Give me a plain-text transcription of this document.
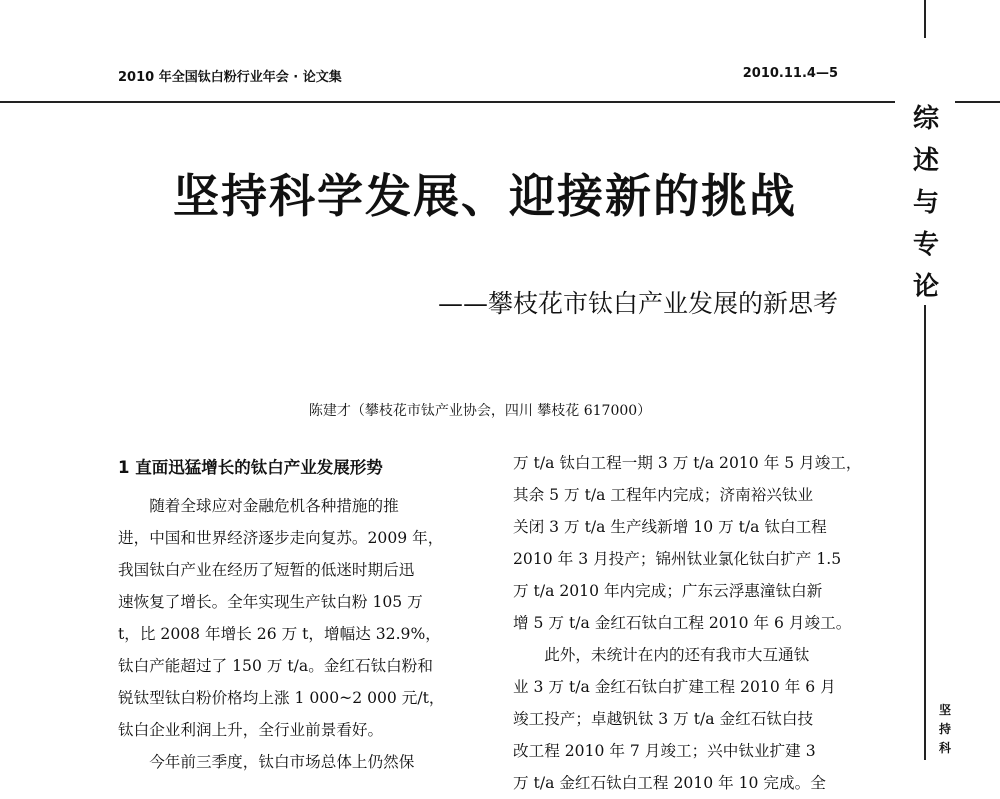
2010 年全国钛白粉行业年会 · 论文集	2010.11.4—5
综
述
与
专
论
坚持科学发展、迎接新的挑战
——攀枝花市钛白产业发展的新思考
陈建才（攀枝花市钛产业协会，四川 攀枝花 617000）

1 直面迅猛增长的钛白产业发展形势

随着全球应对金融危机各种措施的推

进，中国和世界经济逐步走向复苏。2009 年，

我国钛白产业在经历了短暂的低迷时期后迅

速恢复了增长。全年实现生产钛白粉 105 万

t，比 2008 年增长 26 万 t，增幅达 32.9%，

钛白产能超过了 150 万 t/a。金红石钛白粉和

锐钛型钛白粉价格均上涨 1 000~2 000 元/t，

钛白企业利润上升，全行业前景看好。

今年前三季度，钛白市场总体上仍然保

万 t/a 钛白工程一期 3 万 t/a 2010 年 5 月竣工，

其余 5 万 t/a 工程年内完成；济南裕兴钛业

关闭 3 万 t/a 生产线新增 10 万 t/a 钛白工程

2010 年 3 月投产；锦州钛业氯化钛白扩产 1.5

万 t/a 2010 年内完成；广东云浮惠潼钛白新

增 5 万 t/a 金红石钛白工程 2010 年 6 月竣工。

此外，未统计在内的还有我市大互通钛

业 3 万 t/a 金红石钛白扩建工程 2010 年 6 月

竣工投产；卓越钒钛 3 万 t/a 金红石钛白技

改工程 2010 年 7 月竣工；兴中钛业扩建 3

万 t/a 金红石钛白工程 2010 年 10 完成。全

坚
持
科
